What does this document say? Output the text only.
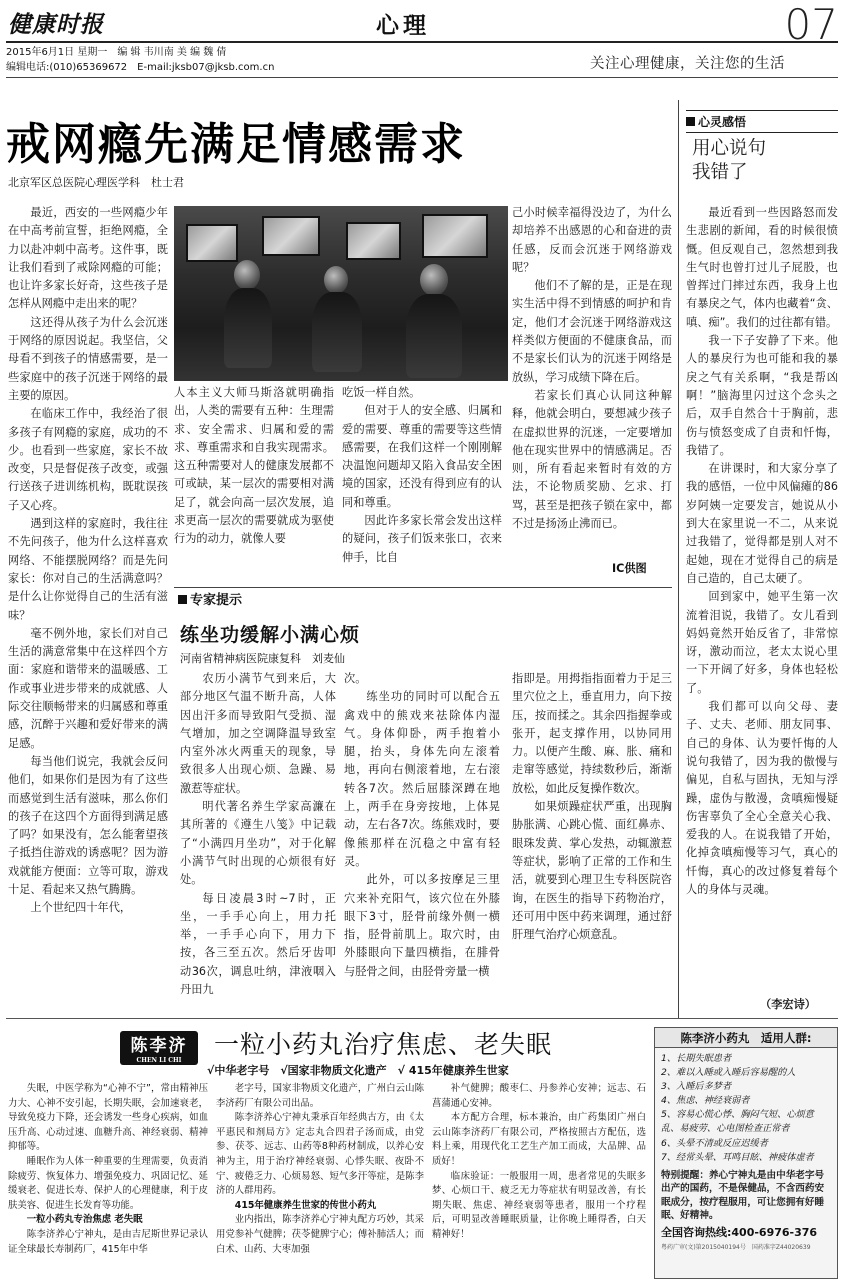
健康时报	心理	07
2015年6月1日 星期一　编 辑 韦川南 美 编 魏 倩
编辑电话:(010)65369672　E-mail:jksb07@jksb.com.cn	关注心理健康，关注您的生活
戒网瘾先满足情感需求
北京军区总医院心理医学科　杜士君

最近，西安的一些网瘾少年在中高考前宣誓，拒绝网瘾，全力以赴冲刺中高考。这件事，既让我们看到了戒除网瘾的可能；也让许多家长好奇，这些孩子是怎样从网瘾中走出来的呢？

这还得从孩子为什么会沉迷于网络的原因说起。我坚信，父母看不到孩子的情感需要，是一些家庭中的孩子沉迷于网络的最主要的原因。

在临床工作中，我经治了很多孩子有网瘾的家庭，成功的不少。也看到一些家庭，家长不故改变，只是督促孩子改变，或强行送孩子进训练机构，既耽误孩子又心疼。

遇到这样的家庭时，我往往不先问孩子，他为什么这样喜欢网络、不能摆脱网络？而是先问家长：你对自己的生活满意吗？是什么让你觉得自己的生活有滋味？

毫不例外地，家长们对自己生活的满意常集中在这样四个方面：家庭和谐带来的温暖感、工作或事业进步带来的成就感、人际交往顺畅带来的归属感和尊重感，沉醉于兴趣和爱好带来的满足感。

每当他们说完，我就会反问他们，如果你们是因为有了这些而感觉到生活有滋味，那么你们的孩子在这四个方面得到满足感了吗？如果没有，怎么能奢望孩子抵挡住游戏的诱惑呢？因为游戏就能方便面：立等可取，游戏十足、看起来又热气腾腾。

上个世纪四十年代，

人本主义大师马斯洛就明确指出，人类的需要有五种：生理需求、安全需求、归属和爱的需求、尊重需求和自我实现需求。这五种需要对人的健康发展都不可或缺，某一层次的需要相对满足了，就会向高一层次发展，追求更高一层次的需要就成为驱使行为的动力，就像人要

吃饭一样自然。

但对于人的安全感、归属和爱的需要、尊重的需要等这些情感需要，在我们这样一个刚刚解决温饱问题却又陷入食品安全困境的国家，还没有得到应有的认同和尊重。

因此许多家长常会发出这样的疑问，孩子们饭来张口，衣来伸手，比自

己小时候幸福得没边了，为什么却培养不出感恩的心和奋进的责任感，反而会沉迷于网络游戏呢？

他们不了解的是，正是在现实生活中得不到情感的呵护和肯定，他们才会沉迷于网络游戏这样类似方便面的不健康食品，而不是家长们认为的沉迷于网络是放纵，学习成绩下降在后。

若家长们真心认同这种解释，他就会明白，要想减少孩子在虚拟世界的沉迷，一定要增加他在现实世界中的情感满足。否则，所有看起来暂时有效的方法，不论物质奖励、乞求、打骂，甚至是把孩子锁在家中，都不过是扬汤止沸而已。

IC供图
专家提示
练坐功缓解小满心烦
河南省精神病医院康复科　刘麦仙

农历小满节气到来后，大部分地区气温不断升高，人体因出汗多而导致阳气受损、湿气增加，加之空调降温导致室内室外冰火两重天的现象，导致很多人出现心烦、急躁、易激惹等症状。

明代著名养生学家高濂在其所著的《遵生八笺》中记载了“小满四月坐功”，对于化解小满节气时出现的心烦很有好处。

每日凌晨3时~7时，正坐，一手手心向上，用力托举，一手手心向下，用力下按，各三至五次。然后牙齿叩动36次，调息吐纳，津液咽入丹田九

次。

练坐功的同时可以配合五禽戏中的熊戏来祛除体内湿气。身体仰卧，两手抱着小腿，抬头，身体先向左滚着地，再向右侧滚着地，左右滚转各7次。然后屈膝深蹲在地上，两手在身旁按地，上体晃动，左右各7次。练熊戏时，要像熊那样在沉稳之中富有轻灵。

此外，可以多按摩足三里穴来补充阳气，该穴位在外膝眼下3寸，胫骨前缘外侧一横指，胫骨前肌上。取穴时，由外膝眼向下量四横指，在腓骨与胫骨之间，由胫骨旁量一横

指即是。用拇指指面着力于足三里穴位之上，垂直用力，向下按压，按而揉之。其余四指握拳或张开，起支撑作用，以协同用力。以便产生酸、麻、胀、痛和走窜等感觉，持续数秒后，渐渐放松，如此反复操作数次。

如果烦躁症状严重，出现胸胁胀满、心跳心慌、面红鼻赤、眼珠发黄、掌心发热，动辄激惹等症状，影响了正常的工作和生活，就要到心理卫生专科医院咨询，在医生的指导下药物治疗，还可用中医中药来调理，通过舒肝理气治疗心烦意乱。

心灵感悟
用心说句
我错了

最近看到一些因路怒而发生悲剧的新闻，看的时候很愤慨。但反观自己，忽然想到我生气时也曾打过儿子屁股，也曾挥过门摔过东西，我身上也有暴戾之气，体内也藏着“贪、嗔、痴”。我们的过往都有错。

我一下子安静了下来。他人的暴戾行为也可能和我的暴戾之气有关系啊，“我是帮凶啊！”脑海里闪过这个念头之后，双手自然合十于胸前，悲伤与愤怒变成了自责和忏悔，我错了。

在讲课时，和大家分享了我的感悟，一位中风偏瘫的86岁阿姨一定要发言，她说从小到大在家里说一不二，从来说过我错了，觉得都是别人对不起她，现在才觉得自己的病是自己造的，自己太硬了。

回到家中，她平生第一次流着泪说，我错了。女儿看到妈妈竟然开始反省了，非常惊讶，激动而泣，老太太说心里一下开阔了好多，身体也轻松了。

我们都可以向父母、妻子、丈夫、老师、朋友同事、自己的身体、认为要忏悔的人说句我错了，因为我的傲慢与偏见，自私与固执，无知与浮躁，虚伪与散漫，贪嗔痴慢疑伤害辜负了全心全意关心我、爱我的人。在说我错了开始，化掉贪嗔痴慢等习气，真心的忏悔，真心的改过修复着每个人的身体与灵魂。

（李宏诗）
陈李济
CHEN LI CHI
一粒小药丸治疗焦虑、老失眠
√中华老字号　√国家非物质文化遗产　√ 415年健康养生世家

失眠，中医学称为“心神不宁”，常由精神压力大、心神不安引起，长期失眠，会加速衰老，导致免疫力下降，还会诱发一些身心疾病，如血压升高、心动过速、血糖升高、神经衰弱、精神抑郁等。

睡眠作为人体一种重要的生理需要，负责消除疲劳、恢复体力、增强免疫力、巩固记忆、延缓衰老、促进长寿、保护人的心理健康，利于皮肤美容、促进生长发育等功能。

一粒小药丸专治焦虑 老失眠

陈李济养心宁神丸，是由吉尼斯世界记录认证全球最长寿制药厂，415年中华

老字号，国家非物质文化遗产，广州白云山陈李济药厂有限公司出品。

陈李济养心宁神丸秉承百年经典古方，由《太平惠民和剂局方》定志丸合四君子汤而成，由党参、茯苓、远志、山药等8种药材制成，以养心安神为主，用于治疗神经衰弱、心悸失眠、夜卧不宁、疲倦乏力、心烦易怒、短气多汗等症，是陈李济的人群用药。

415年健康养生世家的传世小药丸

业内指出，陈李济养心宁神丸配方巧妙，其采用党参补气健脾；茯苓健脾宁心；傅补肺活人；而白术、山药、大枣加强

补气健脾；酸枣仁、丹参养心安神；远志、石菖蒲通心安神。

本方配方合理，标本兼治，由广药集团广州白云山陈李济药厂有限公司，严格按照古方配伍，选料上乘，用现代化工艺生产加工而成，大品牌、品质好！

临床验证：一般服用一周，患者常见的失眠多梦、心烦口干、疲乏无力等症状有明显改善，有长期失眠、焦虑、神经衰弱等患者，服用一个疗程后，可明显改善睡眠质量，让你晚上睡得香，白天精神好！

陈李济小药丸　适用人群:
1、长期失眠患者
2、难以入睡或入睡后容易醒的人
3、入睡后多梦者
4、焦虑、神经衰弱者
5、容易心慌心悸、胸闷气短、心烦意乱、易疲劳、心电图检查正常者
6、头晕不清或反应迟缓者
7、经常头晕、耳鸣目眩、神疲体虚者
特别提醒：养心宁神丸是由中华老字号出产的国药，不是保健品，不含西药安眠成分，按疗程服用，可让您拥有好睡眠、好精神。
全国咨询热线:400-6976-376
粤药广审(文)第2015040194号　国药准字Z44020639
